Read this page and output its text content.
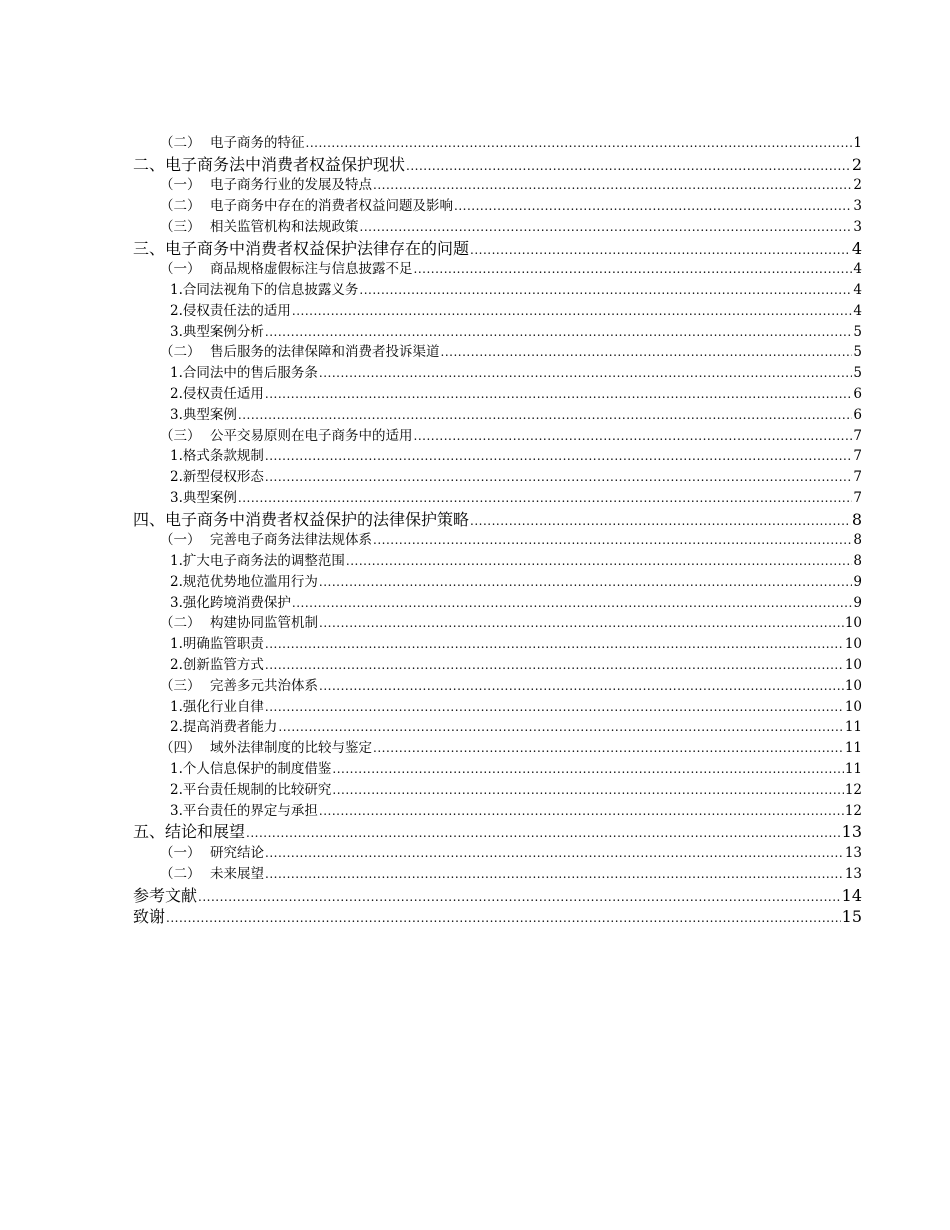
（二） 电子商务的特征 .....	1
二、电子商务法中消费者权益保护现状 .....	2
（一） 电子商务行业的发展及特点 .....	2
（二） 电子商务中存在的消费者权益问题及影响 .....	3
（三） 相关监管机构和法规政策 .....	3
三、电子商务中消费者权益保护法律存在的问题 .....	4
（一） 商品规格虚假标注与信息披露不足 .....	4
1.合同法视角下的信息披露义务 .....	4
2.侵权责任法的适用 .....	4
3.典型案例分析 .....	5
（二） 售后服务的法律保障和消费者投诉渠道 .....	5
1.合同法中的售后服务条 .....	5
2.侵权责任适用 .....	6
3.典型案例 .....	6
（三） 公平交易原则在电子商务中的适用 .....	7
1.格式条款规制 .....	7
2.新型侵权形态 .....	7
3.典型案例 .....	7
四、电子商务中消费者权益保护的法律保护策略 .....	8
（一） 完善电子商务法律法规体系 .....	8
1.扩大电子商务法的调整范围 .....	8
2.规范优势地位滥用行为 .....	9
3.强化跨境消费保护 .....	9
（二） 构建协同监管机制 .....	10
1.明确监管职责 .....	10
2.创新监管方式 .....	10
（三） 完善多元共治体系 .....	10
1.强化行业自律 .....	10
2.提高消费者能力 .....	11
（四） 域外法律制度的比较与鉴定 .....	11
1.个人信息保护的制度借鉴 .....	11
2.平台责任规制的比较研究 .....	12
3.平台责任的界定与承担 .....	12
五、结论和展望 .....	13
（一） 研究结论 .....	13
（二） 未来展望 .....	13
参考文献 .....	14
致谢 .....	15
